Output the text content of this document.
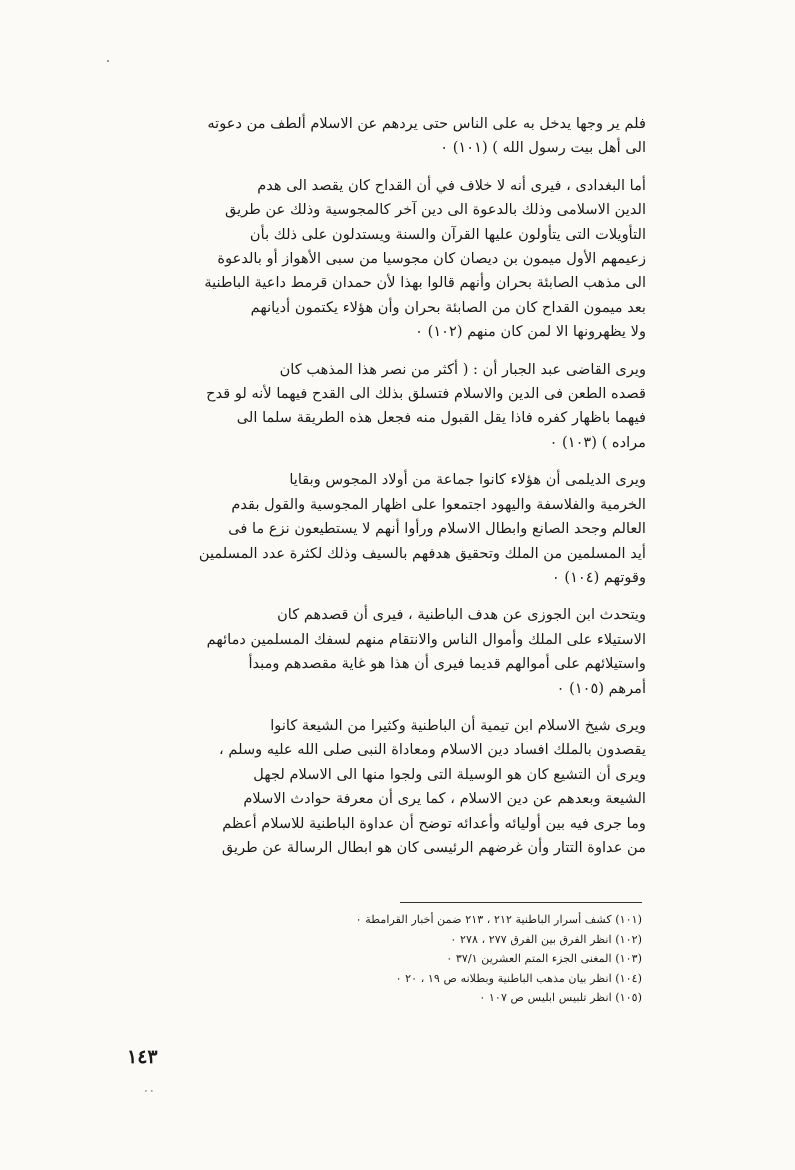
فلم ير وجها يدخل به على الناس حتى يردهم عن الاسلام ألطف من دعوته
الى أهل بيت رسول الله ) (١٠١) ٠
أما البغدادى ، فيرى أنه لا خلاف في أن القداح كان يقصد الى هدم
الدين الاسلامى وذلك بالدعوة الى دين آخر كالمجوسية وذلك عن طريق
التأويلات التى يتأولون عليها القرآن والسنة ويستدلون على ذلك بأن
زعيمهم الأول ميمون بن ديصان كان مجوسيا من سبى الأهواز أو بالدعوة
الى مذهب الصابئة بحران وأنهم قالوا بهذا لأن حمدان قرمط داعية الباطنية
بعد ميمون القداح كان من الصابئة بحران وأن هؤلاء يكتمون أديانهم
ولا يظهرونها الا لمن كان منهم (١٠٢) ٠
ويرى القاضى عبد الجبار أن : ( أكثر من نصر هذا المذهب كان
قصده الطعن فى الدين والاسلام فتسلق بذلك الى القدح فيهما لأنه لو قدح
فيهما باظهار كفره فاذا يقل القبول منه فجعل هذه الطريقة سلما الى
مراده ) (١٠٣) ٠
ويرى الديلمى أن هؤلاء كانوا جماعة من أولاد المجوس وبقايا
الخرمية والفلاسفة واليهود اجتمعوا على اظهار المجوسية والقول بقدم
العالم وجحد الصانع وابطال الاسلام ورأوا أنهم لا يستطيعون نزع ما فى
أيد المسلمين من الملك وتحقيق هدفهم بالسيف وذلك لكثرة عدد المسلمين
وقوتهم (١٠٤) ٠
ويتحدث ابن الجوزى عن هدف الباطنية ، فيرى أن قصدهم كان
الاستيلاء على الملك وأموال الناس والانتقام منهم لسفك المسلمين دمائهم
واستيلائهم على أموالهم قديما فيرى أن هذا هو غاية مقصدهم ومبدأ
أمرهم (١٠٥) ٠
ويرى شيخ الاسلام ابن تيمية أن الباطنية وكثيرا من الشيعة كانوا
يقصدون بالملك افساد دين الاسلام ومعاداة النبى صلى الله عليه وسلم ،
ويرى أن التشيع كان هو الوسيلة التى ولجوا منها الى الاسلام لجهل
الشيعة وبعدهم عن دين الاسلام ، كما يرى أن معرفة حوادث الاسلام
وما جرى فيه بين أوليائه وأعدائه توضح أن عداوة الباطنية للاسلام أعظم
من عداوة التتار وأن غرضهم الرئيسى كان هو ابطال الرسالة عن طريق
(١٠١) كشف أسرار الباطنية ٢١٢ ، ٢١٣ ضمن أخبار القرامطة ٠
(١٠٢) انظر الفرق بين الفرق ٢٧٧ ، ٢٧٨ ٠
(١٠٣) المغنى الجزء المتم العشرين ٣٧/١ ٠
(١٠٤) انظر بيان مذهب الباطنية وبطلانه ص ١٩ ، ٢٠ ٠
(١٠٥) انظر تلبيس ابليس ص ١٠٧ ٠
١٤٣
٠٠
